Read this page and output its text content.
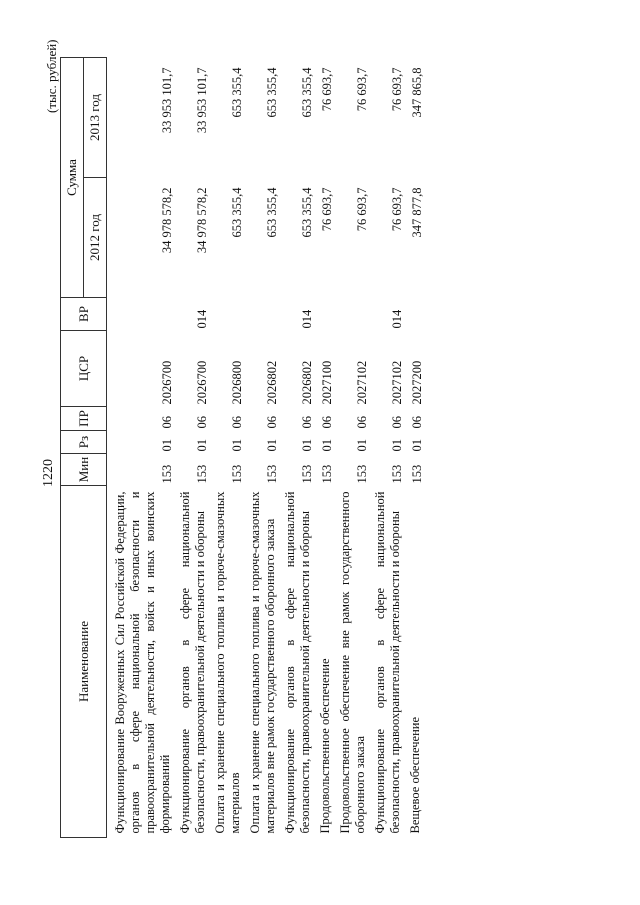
1220
(тыс. рублей)
Наименование	Мин	Рз	ПР	ЦСР	ВР	Сумма	
						2012 год	2013 год
Функционирование Вооруженных Сил Российской Федерации, органов в сфере национальной безопасности и правоохранительной деятельности, войск и иных воинских формирований	153	01	06	2026700		34 978 578,2	33 953 101,7
Функционирование органов в сфере национальной безопасности, правоохранительной деятельности и обороны	153	01	06	2026700	014	34 978 578,2	33 953 101,7
Оплата и хранение специального топлива и горюче-смазочных материалов	153	01	06	2026800		653 355,4	653 355,4
Оплата и хранение специального топлива и горюче-смазочных материалов вне рамок государственного оборонного заказа	153	01	06	2026802		653 355,4	653 355,4
Функционирование органов в сфере национальной безопасности, правоохранительной деятельности и обороны	153	01	06	2026802	014	653 355,4	653 355,4
Продовольственное обеспечение	153	01	06	2027100		76 693,7	76 693,7
Продовольственное обеспечение вне рамок государственного оборонного заказа	153	01	06	2027102		76 693,7	76 693,7
Функционирование органов в сфере национальной безопасности, правоохранительной деятельности и обороны	153	01	06	2027102	014	76 693,7	76 693,7
Вещевое обеспечение	153	01	06	2027200		347 877,8	347 865,8
